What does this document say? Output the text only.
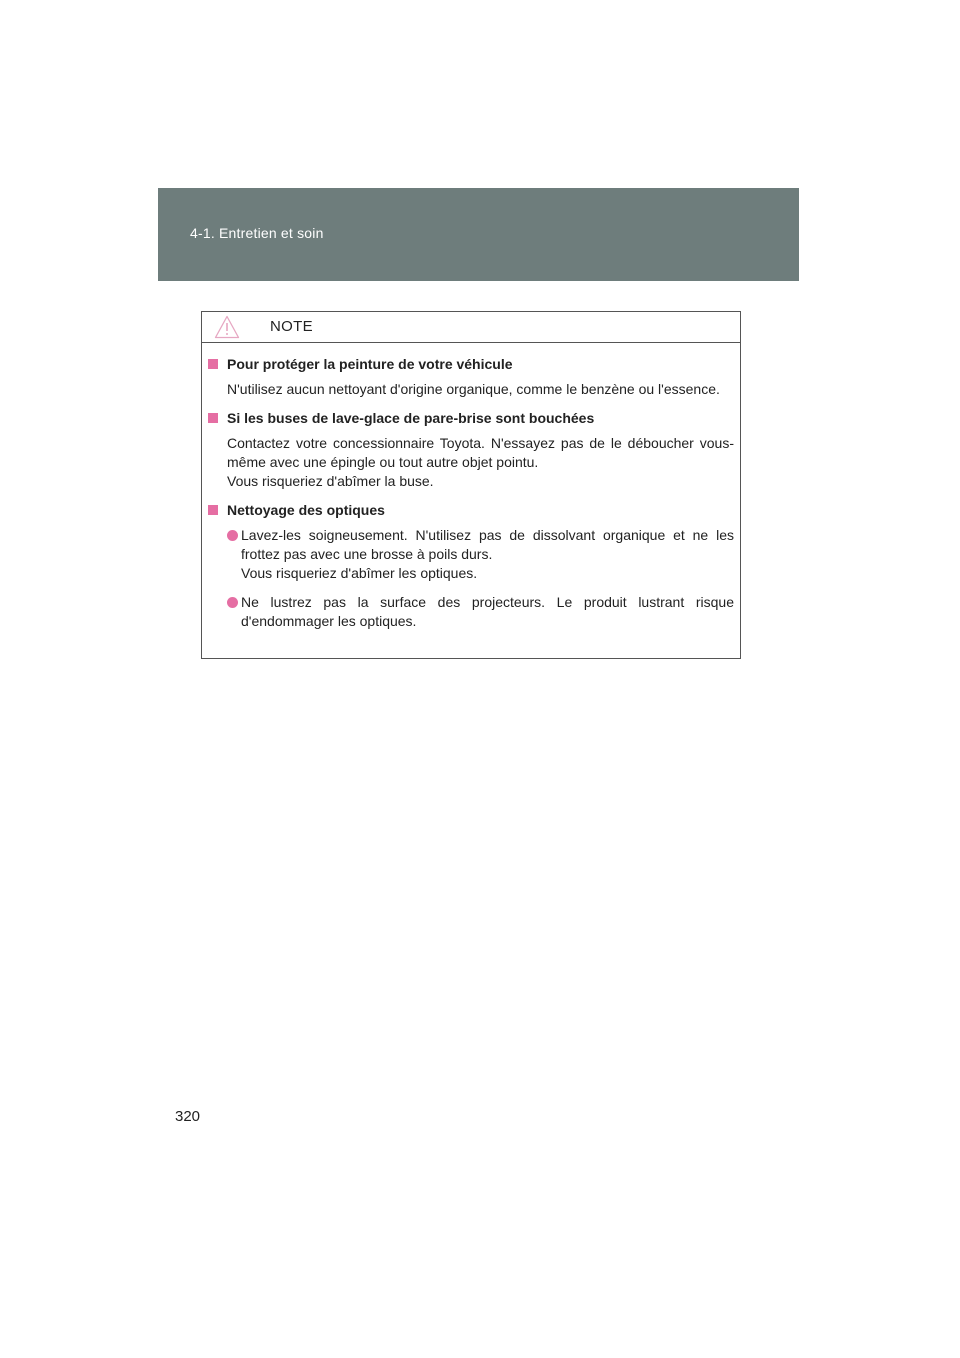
4-1. Entretien et soin
NOTE
Pour protéger la peinture de votre véhicule
N'utilisez aucun nettoyant d'origine organique, comme le benzène ou l'essence.
Si les buses de lave-glace de pare-brise sont bouchées
Contactez votre concessionnaire Toyota. N'essayez pas de le déboucher vous-même avec une épingle ou tout autre objet pointu.
Vous risqueriez d'abîmer la buse.
Nettoyage des optiques
Lavez-les soigneusement. N'utilisez pas de dissolvant organique et ne les frottez pas avec une brosse à poils durs.
Vous risqueriez d'abîmer les optiques.
Ne lustrez pas la surface des projecteurs. Le produit lustrant risque d'endommager les optiques.
320
